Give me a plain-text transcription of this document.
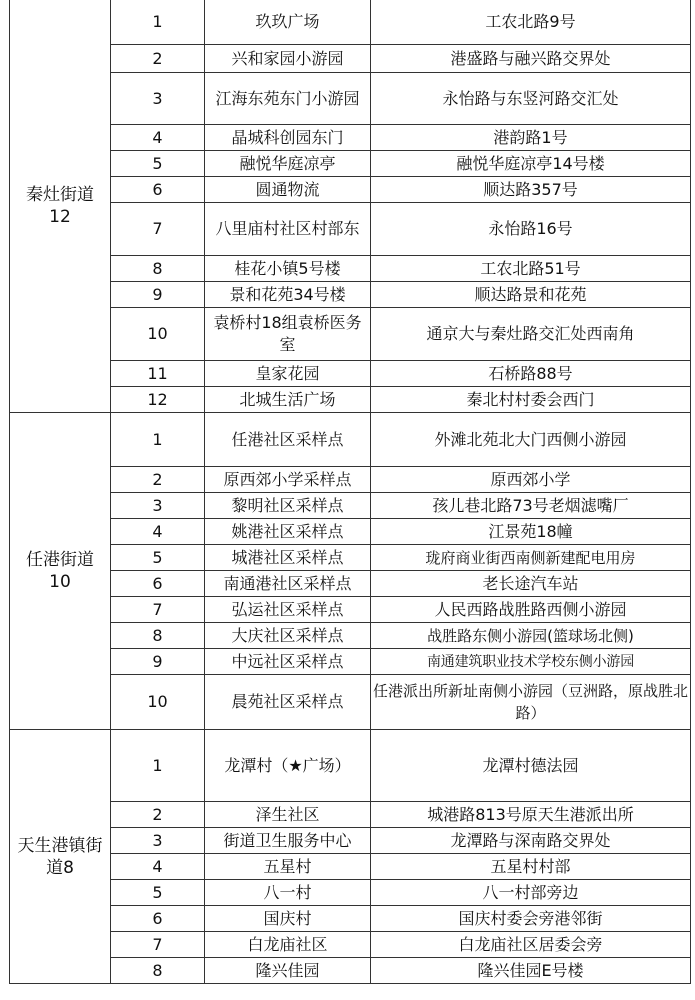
秦灶街道
12	1	玖玖广场	工农北路9号
	2	兴和家园小游园	港盛路与融兴路交界处
	3	江海东苑东门小游园	永怡路与东竖河路交汇处
	4	晶城科创园东门	港韵路1号
	5	融悦华庭凉亭	融悦华庭凉亭14号楼
	6	圆通物流	顺达路357号
	7	八里庙村社区村部东	永怡路16号
	8	桂花小镇5号楼	工农北路51号
	9	景和花苑34号楼	顺达路景和花苑
	10	袁桥村18组袁桥医务室	通京大与秦灶路交汇处西南角
	11	皇家花园	石桥路88号
	12	北城生活广场	秦北村村委会西门
任港街道
10	1	任港社区采样点	外滩北苑北大门西侧小游园
	2	原西郊小学采样点	原西郊小学
	3	黎明社区采样点	孩儿巷北路73号老烟滤嘴厂
	4	姚港社区采样点	江景苑18幢
	5	城港社区采样点	珑府商业街西南侧新建配电用房
	6	南通港社区采样点	老长途汽车站
	7	弘运社区采样点	人民西路战胜路西侧小游园
	8	大庆社区采样点	战胜路东侧小游园(篮球场北侧)
	9	中远社区采样点	南通建筑职业技术学校东侧小游园
	10	晨苑社区采样点	任港派出所新址南侧小游园（豆洲路，原战胜北路）
天生港镇街道8	1	龙潭村（★广场）	龙潭村德法园
	2	泽生社区	城港路813号原天生港派出所
	3	街道卫生服务中心	龙潭路与深南路交界处
	4	五星村	五星村村部
	5	八一村	八一村部旁边
	6	国庆村	国庆村委会旁港邻街
	7	白龙庙社区	白龙庙社区居委会旁
	8	隆兴佳园	隆兴佳园E号楼
